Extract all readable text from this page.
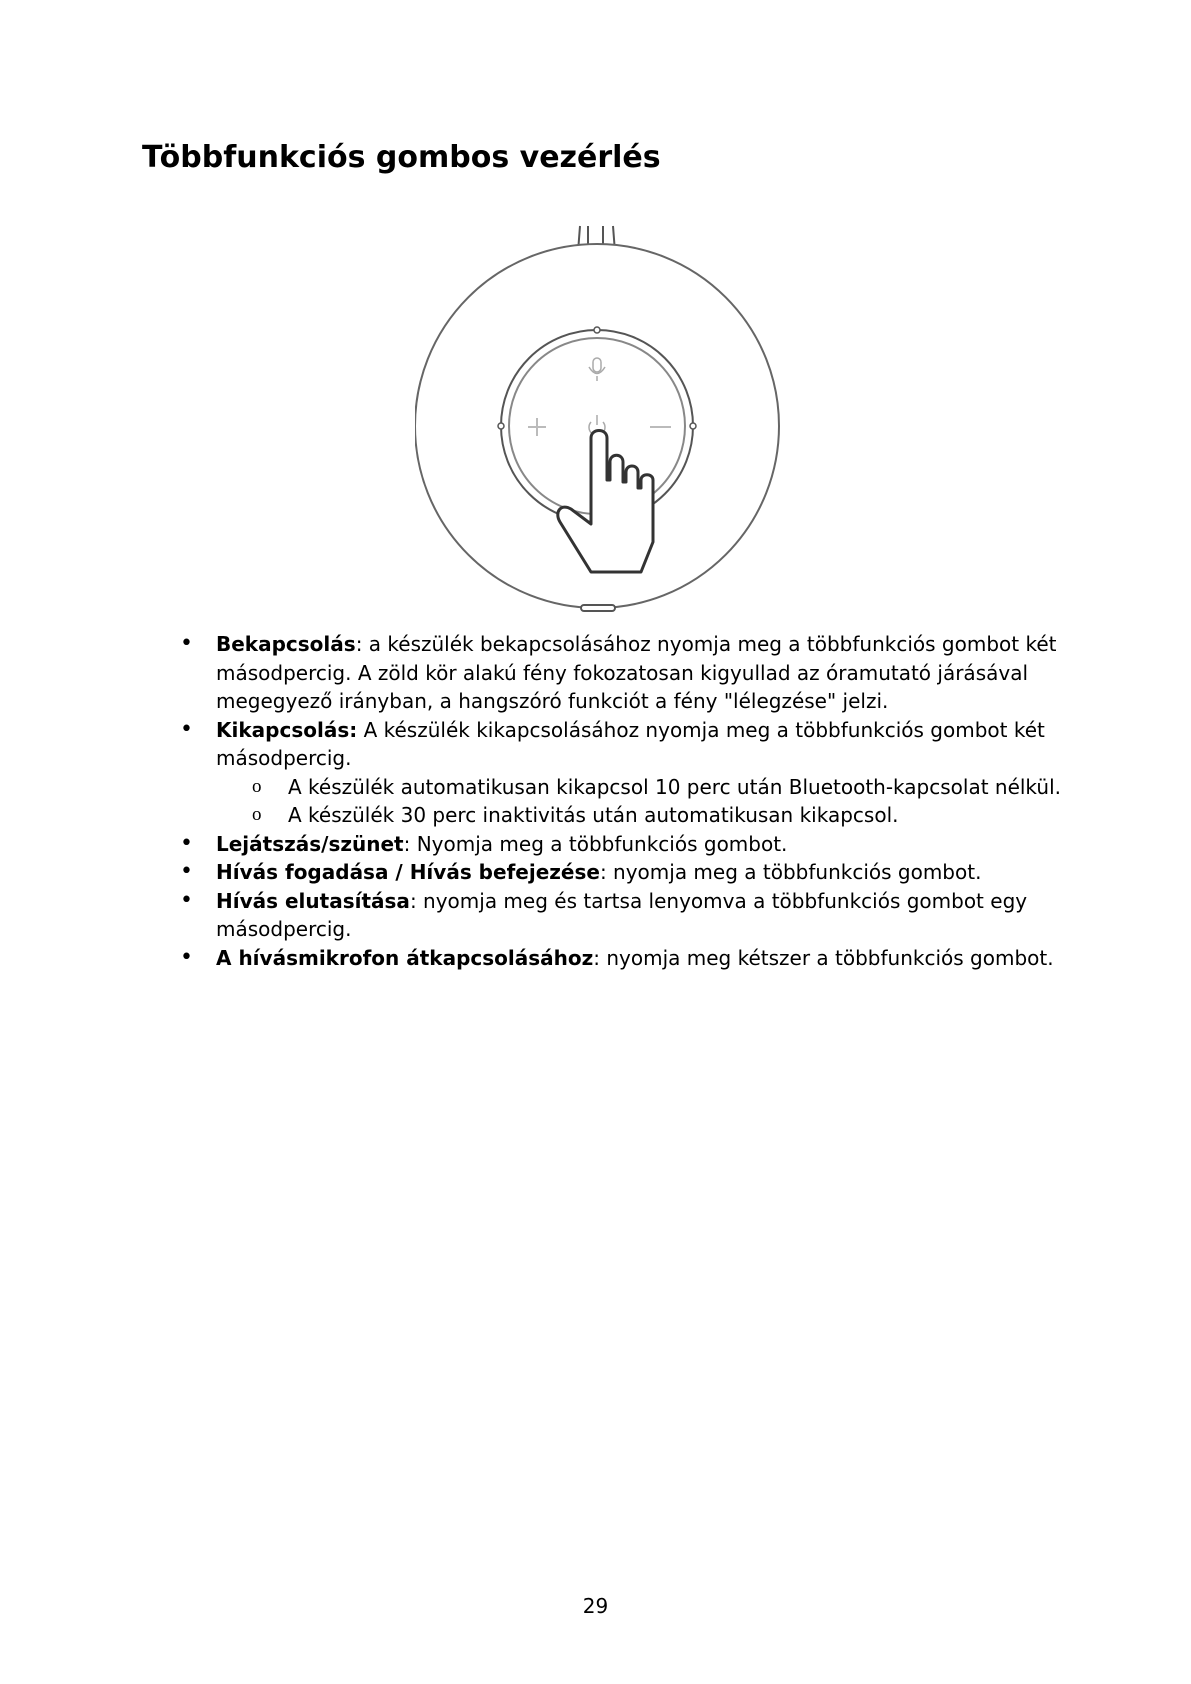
Többfunkciós gombos vezérlés
• Bekapcsolás: a készülék bekapcsolásához nyomja meg a többfunkciós gombot két másodpercig. A zöld kör alakú fény fokozatosan kigyullad az óramutató járásával megegyező irányban, a hangszóró funkciót a fény "lélegzése" jelzi.
• Kikapcsolás: A készülék kikapcsolásához nyomja meg a többfunkciós gombot két másodpercig.
o A készülék automatikusan kikapcsol 10 perc után Bluetooth-kapcsolat nélkül.
o A készülék 30 perc inaktivitás után automatikusan kikapcsol.
• Lejátszás/szünet: Nyomja meg a többfunkciós gombot.
• Hívás fogadása / Hívás befejezése: nyomja meg a többfunkciós gombot.
• Hívás elutasítása: nyomja meg és tartsa lenyomva a többfunkciós gombot egy másodpercig.
• A hívásmikrofon átkapcsolásához: nyomja meg kétszer a többfunkciós gombot.
29
